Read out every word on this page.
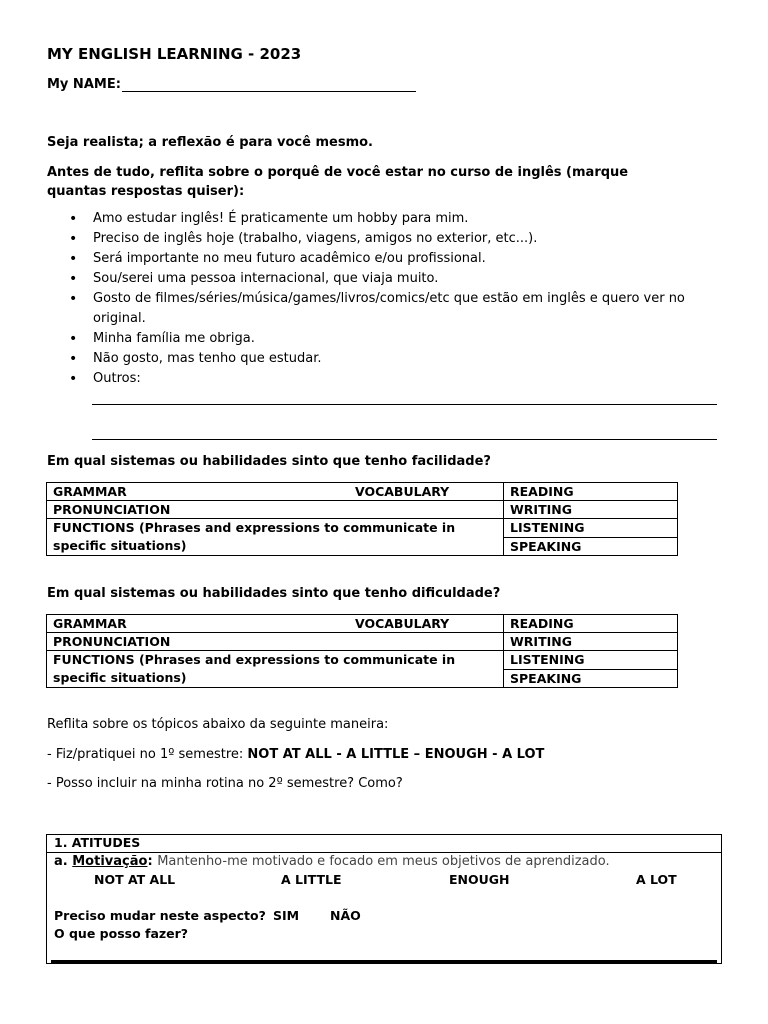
MY ENGLISH LEARNING - 2023
My NAME:
Seja realista; a reflexão é para você mesmo.
Antes de tudo, reflita sobre o porquê de você estar no curso de inglês (marque quantas respostas quiser):
• Amo estudar inglês! É praticamente um hobby para mim.
• Preciso de inglês hoje (trabalho, viagens, amigos no exterior, etc...).
• Será importante no meu futuro acadêmico e/ou profissional.
• Sou/serei uma pessoa internacional, que viaja muito.
• Gosto de filmes/séries/música/games/livros/comics/etc que estão em inglês e quero ver no original.
• Minha família me obriga.
• Não gosto, mas tenho que estudar.
• Outros:
Em qual sistemas ou habilidades sinto que tenho facilidade?
GRAMMAR VOCABULARY	READING
PRONUNCIATION	WRITING
FUNCTIONS (Phrases and expressions to communicate in specific situations)	LISTENING
	SPEAKING
Em qual sistemas ou habilidades sinto que tenho dificuldade?
GRAMMAR VOCABULARY	READING
PRONUNCIATION	WRITING
FUNCTIONS (Phrases and expressions to communicate in specific situations)	LISTENING
	SPEAKING
Reflita sobre os tópicos abaixo da seguinte maneira:
- Fiz/pratiquei no 1º semestre: NOT AT ALL - A LITTLE – ENOUGH - A LOT
- Posso incluir na minha rotina no 2º semestre? Como?
1. ATITUDES
a. Motivação: Mantenho-me motivado e focado em meus objetivos de aprendizado.
NOT AT ALL	A LITTLE	ENOUGH	A LOT
Preciso mudar neste aspecto? SIM NÃO
O que posso fazer?
